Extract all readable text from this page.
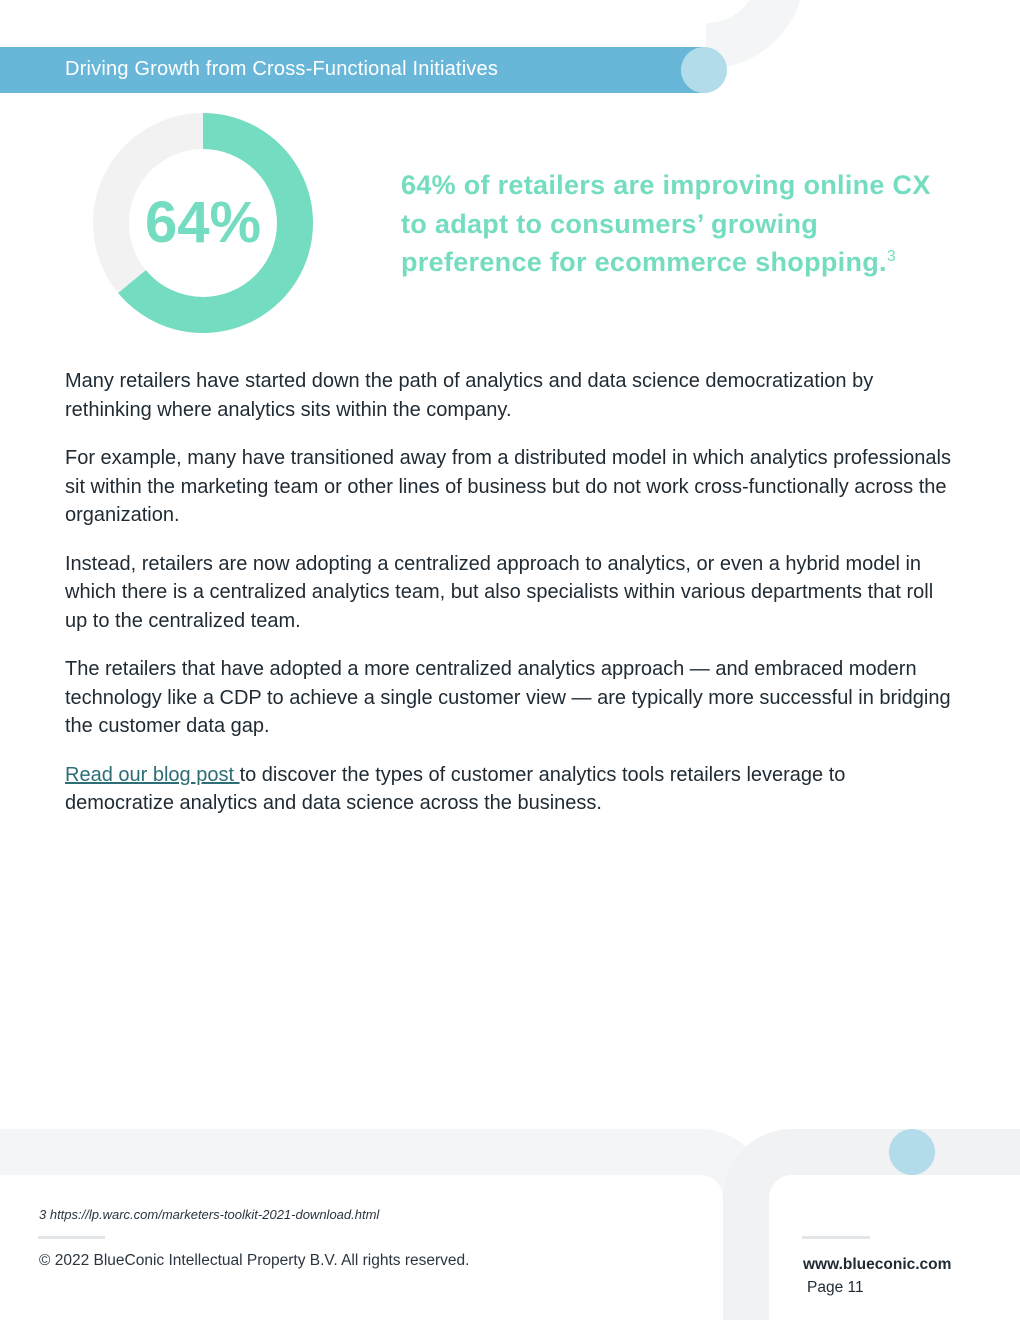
Driving Growth from Cross-Functional Initiatives
64%
64% of retailers are improving online CX to adapt to consumers’ growing preference for ecommerce shopping.$^3$

Many retailers have started down the path of analytics and data science democratization by rethinking where analytics sits within the company.

For example, many have transitioned away from a distributed model in which analytics professionals sit within the marketing team or other lines of business but do not work cross-functionally across the organization.

Instead, retailers are now adopting a centralized approach to analytics, or even a hybrid model in which there is a centralized analytics team, but also specialists within various departments that roll up to the centralized team.

The retailers that have adopted a more centralized analytics approach — and embraced modern technology like a CDP to achieve a single customer view — are typically more successful in bridging the customer data gap.

Read our blog post to discover the types of customer analytics tools retailers leverage to democratize analytics and data science across the business.

3 https://lp.warc.com/marketers-toolkit-2021-download.html
© 2022 BlueConic Intellectual Property B.V. All rights reserved.	www.blueconic.com
Page 11
